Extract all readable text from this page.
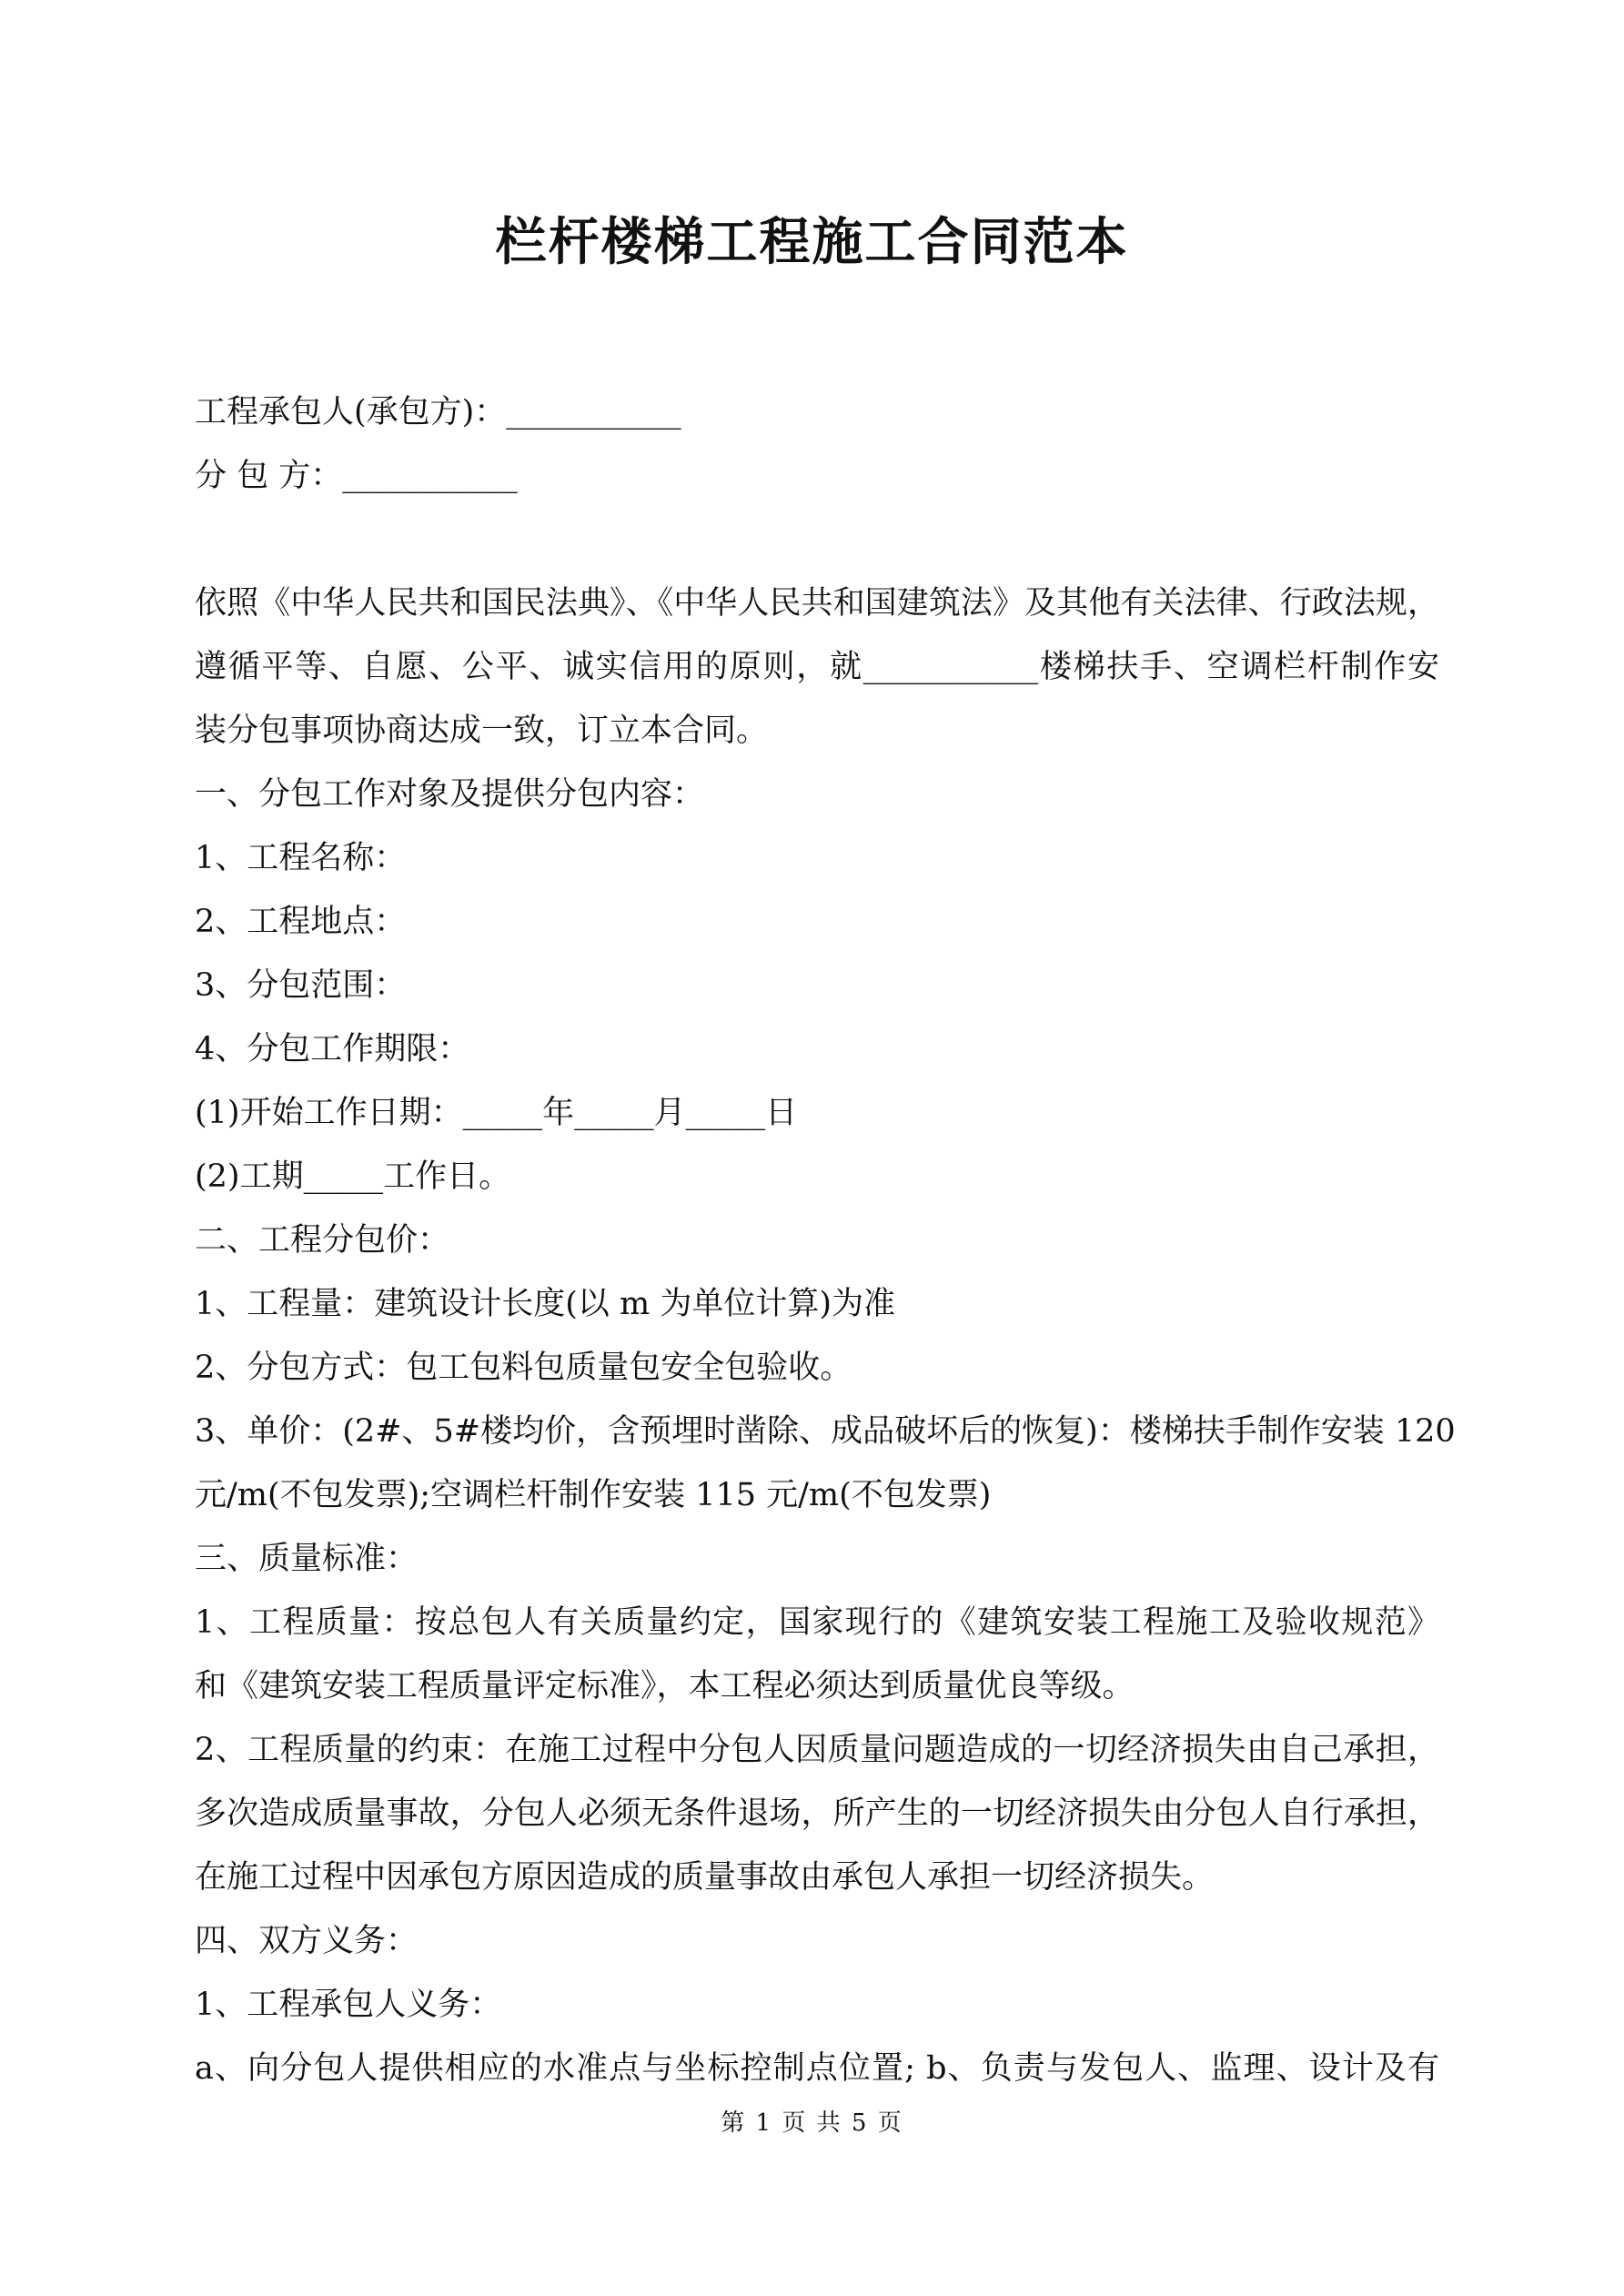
栏杆楼梯工程施工合同范本
工程承包人(承包方)：___________
分 包 方：___________
依照《中华人民共和国民法典》、《中华人民共和国建筑法》及其他有关法律、行政法规，
遵循平等、自愿、公平、诚实信用的原则，就___________楼梯扶手、空调栏杆制作安
装分包事项协商达成一致，订立本合同。
一、分包工作对象及提供分包内容：
1、工程名称：
2、工程地点：
3、分包范围：
4、分包工作期限：
(1)开始工作日期：_____年_____月_____日
(2)工期_____工作日。
二、工程分包价：
1、工程量：建筑设计长度(以 m 为单位计算)为准
2、分包方式：包工包料包质量包安全包验收。
3、单价：(2#、5#楼均价，含预埋时凿除、成品破坏后的恢复)：楼梯扶手制作安装 120
元/m(不包发票);空调栏杆制作安装 115 元/m(不包发票)
三、质量标准：
1、工程质量：按总包人有关质量约定，国家现行的《建筑安装工程施工及验收规范》
和《建筑安装工程质量评定标准》，本工程必须达到质量优良等级。
2、工程质量的约束：在施工过程中分包人因质量问题造成的一切经济损失由自己承担，
多次造成质量事故，分包人必须无条件退场，所产生的一切经济损失由分包人自行承担，
在施工过程中因承包方原因造成的质量事故由承包人承担一切经济损失。
四、双方义务：
1、工程承包人义务：
a、向分包人提供相应的水准点与坐标控制点位置; b、负责与发包人、监理、设计及有
第 1 页 共 5 页
